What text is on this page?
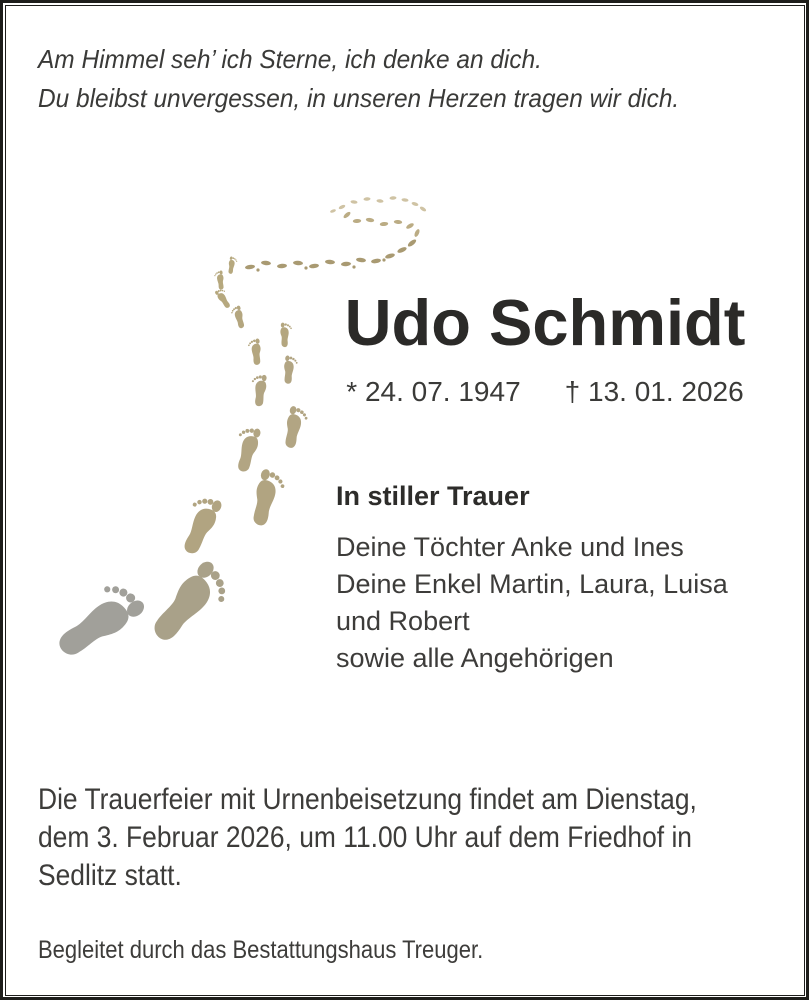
Am Himmel seh’ ich Sterne, ich denke an dich.
Du bleibst unvergessen, in unseren Herzen tragen wir dich.
Udo Schmidt
* 24. 07. 1947 † 13. 01. 2026
In stiller Trauer
Deine Töchter Anke und Ines
Deine Enkel Martin, Laura, Luisa
und Robert
sowie alle Angehörigen
Die Trauerfeier mit Urnenbeisetzung findet am Dienstag,
dem 3. Februar 2026, um 11.00 Uhr auf dem Friedhof in
Sedlitz statt.
Begleitet durch das Bestattungshaus Treuger.
